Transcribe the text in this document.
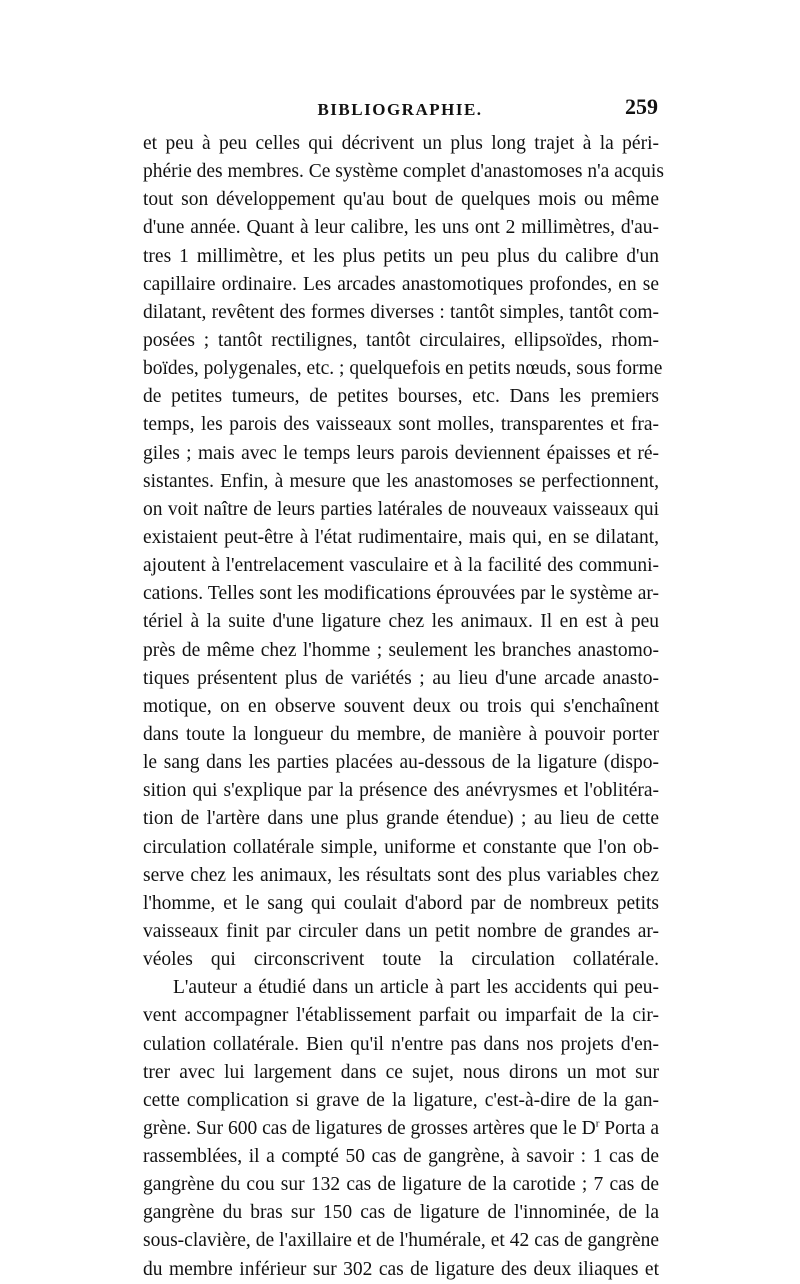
BIBLIOGRAPHIE.	259
et peu à peu celles qui décrivent un plus long trajet à la péri-
phérie des membres. Ce système complet d'anastomoses n'a acquis
tout son développement qu'au bout de quelques mois ou même
d'une année. Quant à leur calibre, les uns ont 2 millimètres, d'au-
tres 1 millimètre, et les plus petits un peu plus du calibre d'un
capillaire ordinaire. Les arcades anastomotiques profondes, en se
dilatant, revêtent des formes diverses : tantôt simples, tantôt com-
posées ; tantôt rectilignes, tantôt circulaires, ellipsoïdes, rhom-
boïdes, polygenales, etc. ; quelquefois en petits nœuds, sous forme
de petites tumeurs, de petites bourses, etc. Dans les premiers
temps, les parois des vaisseaux sont molles, transparentes et fra-
giles ; mais avec le temps leurs parois deviennent épaisses et ré-
sistantes. Enfin, à mesure que les anastomoses se perfectionnent,
on voit naître de leurs parties latérales de nouveaux vaisseaux qui
existaient peut-être à l'état rudimentaire, mais qui, en se dilatant,
ajoutent à l'entrelacement vasculaire et à la facilité des communi-
cations. Telles sont les modifications éprouvées par le système ar-
tériel à la suite d'une ligature chez les animaux. Il en est à peu
près de même chez l'homme ; seulement les branches anastomo-
tiques présentent plus de variétés ; au lieu d'une arcade anasto-
motique, on en observe souvent deux ou trois qui s'enchaînent
dans toute la longueur du membre, de manière à pouvoir porter
le sang dans les parties placées au-dessous de la ligature (dispo-
sition qui s'explique par la présence des anévrysmes et l'oblitéra-
tion de l'artère dans une plus grande étendue) ; au lieu de cette
circulation collatérale simple, uniforme et constante que l'on ob-
serve chez les animaux, les résultats sont des plus variables chez
l'homme, et le sang qui coulait d'abord par de nombreux petits
vaisseaux finit par circuler dans un petit nombre de grandes ar-
véoles qui circonscrivent toute la circulation collatérale.
L'auteur a étudié dans un article à part les accidents qui peu-
vent accompagner l'établissement parfait ou imparfait de la cir-
culation collatérale. Bien qu'il n'entre pas dans nos projets d'en-
trer avec lui largement dans ce sujet, nous dirons un mot sur
cette complication si grave de la ligature, c'est-à-dire de la gan-
grène. Sur 600 cas de ligatures de grosses artères que le $D^r$ Porta a
rassemblées, il a compté 50 cas de gangrène, à savoir : 1 cas de
gangrène du cou sur 132 cas de ligature de la carotide ; 7 cas de
gangrène du bras sur 150 cas de ligature de l'innominée, de la
sous-clavière, de l'axillaire et de l'humérale, et 42 cas de gangrène
du membre inférieur sur 302 cas de ligature des deux iliaques et
